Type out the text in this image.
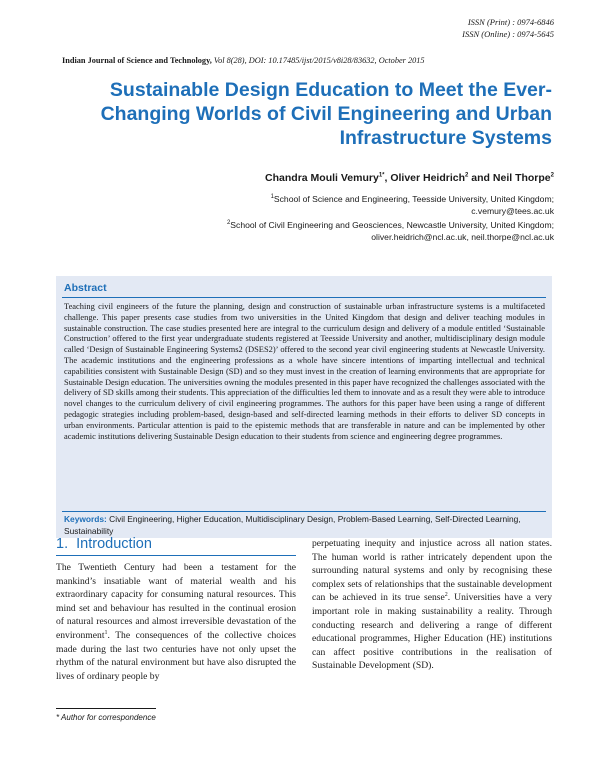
ISSN (Print) : 0974-6846
ISSN (Online) : 0974-5645
Indian Journal of Science and Technology, Vol 8(28), DOI: 10.17485/ijst/2015/v8i28/83632, October 2015
Sustainable Design Education to Meet the Ever-Changing Worlds of Civil Engineering and Urban Infrastructure Systems
Chandra Mouli Vemury$^{1*}$, Oliver Heidrich$^2$ and Neil Thorpe$^2$
$^1$School of Science and Engineering, Teesside University, United Kingdom;
c.vemury@tees.ac.uk
$^2$School of Civil Engineering and Geosciences, Newcastle University, United Kingdom;
oliver.heidrich@ncl.ac.uk, neil.thorpe@ncl.ac.uk
Abstract
Teaching civil engineers of the future the planning, design and construction of sustainable urban infrastructure systems is a multifaceted challenge. This paper presents case studies from two universities in the United Kingdom that design and deliver teaching modules in sustainable construction. The case studies presented here are integral to the curriculum design and delivery of a module entitled ‘Sustainable Construction’ offered to the first year undergraduate students registered at Teesside University and another, multidisciplinary design module called ‘Design of Sustainable Engineering Systems2 (DSES2)’ offered to the second year civil engineering students at Newcastle University. The academic institutions and the engineering professions as a whole have sincere intentions of imparting intellectual and technical capabilities consistent with Sustainable Design (SD) and so they must invest in the creation of learning environments that are appropriate for Sustainable Design education. The universities owning the modules presented in this paper have recognized the challenges associated with the delivery of SD skills among their students. This appreciation of the difficulties led them to innovate and as a result they were able to introduce novel changes to the curriculum delivery of civil engineering programmes. The authors for this paper have been using a range of different pedagogic strategies including problem-based, design-based and self-directed learning methods in their efforts to deliver SD concepts in urban environments. Particular attention is paid to the epistemic methods that are transferable in nature and can be implemented by other academic institutions delivering Sustainable Design education to their students from science and engineering degree programmes.
Keywords: Civil Engineering, Higher Education, Multidisciplinary Design, Problem-Based Learning, Self-Directed Learning, Sustainability
1. Introduction
The Twentieth Century had been a testament for the mankind’s insatiable want of material wealth and his extraordinary capacity for consuming natural resources. This mind set and behaviour has resulted in the continual erosion of natural resources and almost irreversible devastation of the environment$^1$. The consequences of the collective choices made during the last two centuries have not only upset the rhythm of the natural environment but have also disrupted the lives of ordinary people by
perpetuating inequity and injustice across all nation states. The human world is rather intricately dependent upon the surrounding natural systems and only by recognising these complex sets of relationships that the sustainable development can be achieved in its true sense$^2$. Universities have a very important role in making sustainability a reality. Through conducting research and delivering a range of different educational programmes, Higher Education (HE) institutions can affect positive contributions in the realisation of Sustainable Development (SD).
* Author for correspondence
